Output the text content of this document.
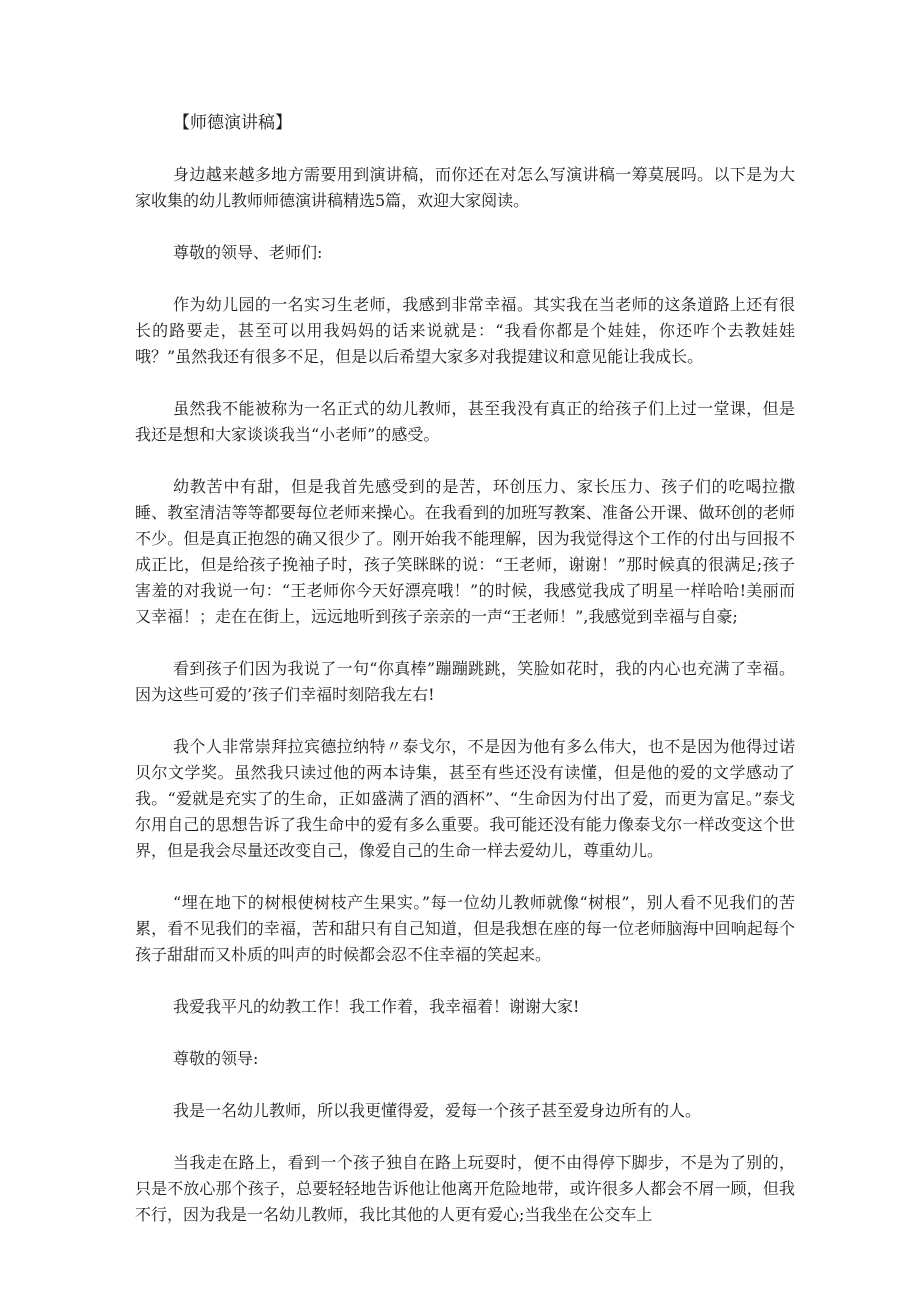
【师德演讲稿】

身边越来越多地方需要用到演讲稿，而你还在对怎么写演讲稿一筹莫展吗。以下是为大家收集的幼儿教师师德演讲稿精选5篇，欢迎大家阅读。

尊敬的领导、老师们:

作为幼儿园的一名实习生老师，我感到非常幸福。其实我在当老师的这条道路上还有很长的路要走，甚至可以用我妈妈的话来说就是：“我看你都是个娃娃，你还咋个去教娃娃哦？”虽然我还有很多不足，但是以后希望大家多对我提建议和意见能让我成长。

虽然我不能被称为一名正式的幼儿教师，甚至我没有真正的给孩子们上过一堂课，但是我还是想和大家谈谈我当“小老师”的感受。

幼教苦中有甜，但是我首先感受到的是苦，环创压力、家长压力、孩子们的吃喝拉撒睡、教室清洁等等都要每位老师来操心。在我看到的加班写教案、准备公开课、做环创的老师不少。但是真正抱怨的确又很少了。刚开始我不能理解，因为我觉得这个工作的付出与回报不成正比，但是给孩子挽袖子时，孩子笑眯眯的说：“王老师，谢谢！”那时候真的很满足;孩子害羞的对我说一句：“王老师你今天好漂亮哦！”的时候，我感觉我成了明星一样哈哈!美丽而又幸福！；走在在街上，远远地听到孩子亲亲的一声“王老师！”,我感觉到幸福与自豪;

看到孩子们因为我说了一句“你真棒”蹦蹦跳跳，笑脸如花时，我的内心也充满了幸福。因为这些可爱的’孩子们幸福时刻陪我左右!

我个人非常崇拜拉宾德拉纳特〃泰戈尔，不是因为他有多么伟大，也不是因为他得过诺贝尔文学奖。虽然我只读过他的两本诗集，甚至有些还没有读懂，但是他的爱的文学感动了我。“爱就是充实了的生命，正如盛满了酒的酒杯”、“生命因为付出了爱，而更为富足。”泰戈尔用自己的思想告诉了我生命中的爱有多么重要。我可能还没有能力像泰戈尔一样改变这个世界，但是我会尽量还改变自己，像爱自己的生命一样去爱幼儿，尊重幼儿。

“埋在地下的树根使树枝产生果实。”每一位幼儿教师就像“树根”，别人看不见我们的苦累，看不见我们的幸福，苦和甜只有自己知道，但是我想在座的每一位老师脑海中回响起每个孩子甜甜而又朴质的叫声的时候都会忍不住幸福的笑起来。

我爱我平凡的幼教工作！我工作着，我幸福着！谢谢大家!

尊敬的领导:

我是一名幼儿教师，所以我更懂得爱，爱每一个孩子甚至爱身边所有的人。

当我走在路上，看到一个孩子独自在路上玩耍时，便不由得停下脚步，不是为了别的，只是不放心那个孩子，总要轻轻地告诉他让他离开危险地带，或许很多人都会不屑一顾，但我不行，因为我是一名幼儿教师，我比其他的人更有爱心;当我坐在公交车上
